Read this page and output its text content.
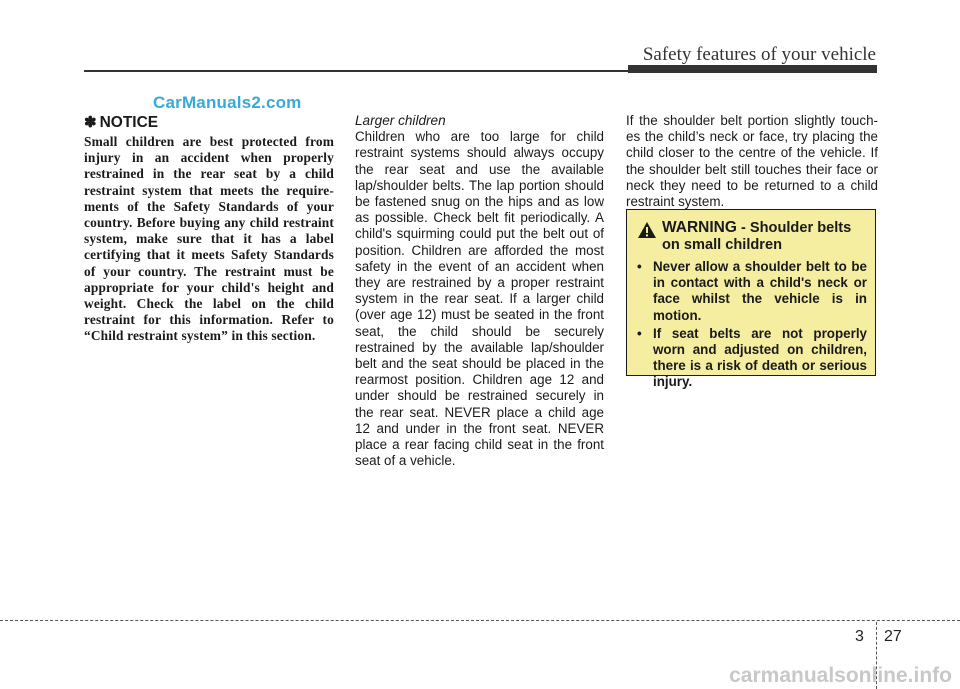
Safety features of your vehicle
CarManuals2.com
✽ NOTICE

Small children are best protected from injury in an accident when properly restrained in the rear seat by a child restraint system that meets the require-ments of the Safety Standards of your country. Before buying any child restraint system, make sure that it has a label certifying that it meets Safety Standards of your country. The restraint must be appropriate for your child's height and weight. Check the label on the child restraint for this information. Refer to “Child restraint system” in this section.

Larger children

Children who are too large for child restraint systems should always occupy the rear seat and use the available lap/shoulder belts. The lap portion should be fastened snug on the hips and as low as possible. Check belt fit periodically. A child's squirming could put the belt out of position. Children are afforded the most safety in the event of an accident when they are restrained by a proper restraint system in the rear seat. If a larger child (over age 12) must be seated in the front seat, the child should be securely restrained by the available lap/shoulder belt and the seat should be placed in the rearmost position. Children age 12 and under should be restrained securely in the rear seat. NEVER place a child age 12 and under in the front seat. NEVER place a rear facing child seat in the front seat of a vehicle.

If the shoulder belt portion slightly touch-es the child’s neck or face, try placing the child closer to the centre of the vehicle. If the shoulder belt still touches their face or neck they need to be returned to a child restraint system.

WARNING - Shoulder belts on small children
• Never allow a shoulder belt to be in contact with a child's neck or face whilst the vehicle is in motion.
• If seat belts are not properly worn and adjusted on children, there is a risk of death or serious injury.
3 27
carmanualsonline.info
